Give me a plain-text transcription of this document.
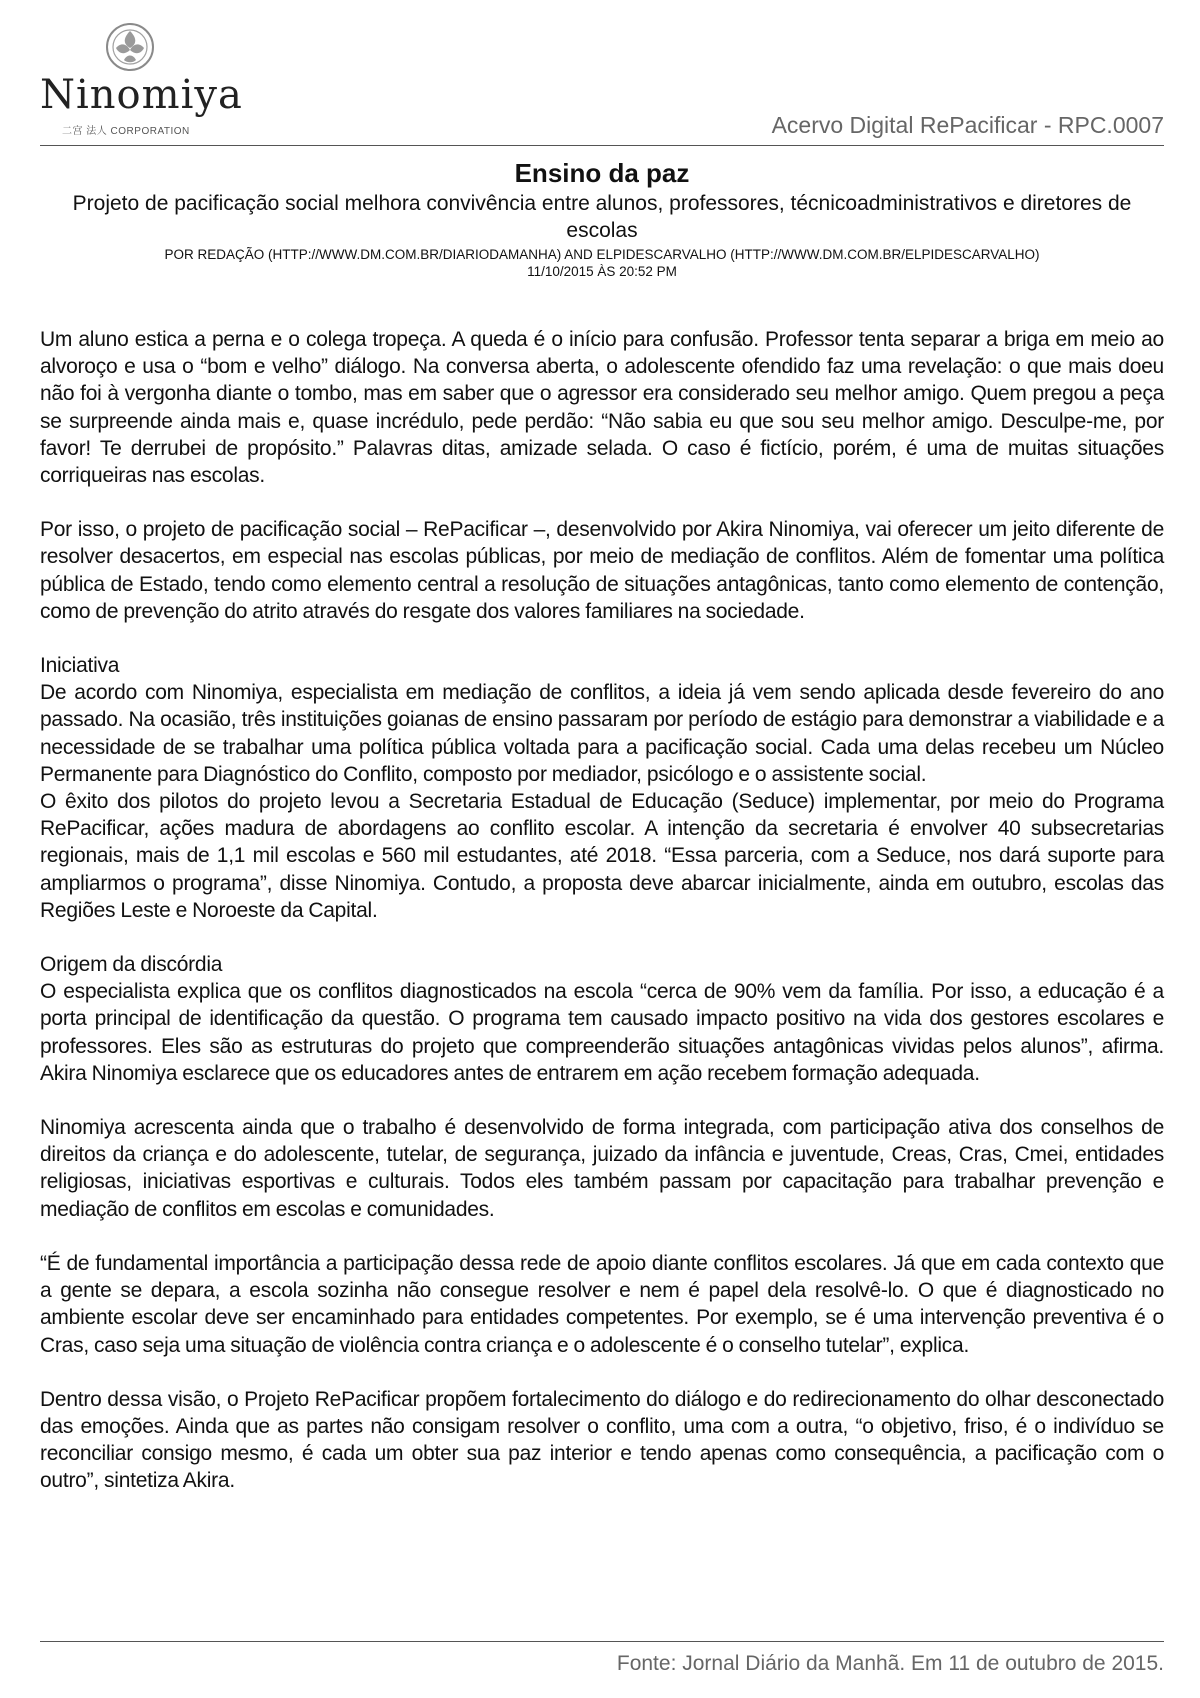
Ninomiya
二宫 法人 CORPORATION	Acervo Digital RePacificar - RPC.0007
Ensino da paz

Projeto de pacificação social melhora convivência entre alunos, professores, técnicoadministrativos e diretores de escolas

POR REDAÇÃO (HTTP://WWW.DM.COM.BR/DIARIODAMANHA) AND ELPIDESCARVALHO (HTTP://WWW.DM.COM.BR/ELPIDESCARVALHO)

11/10/2015 ÀS 20:52 PM

Um aluno estica a perna e o colega tropeça. A queda é o início para confusão. Professor tenta separar a briga em meio ao alvoroço e usa o “bom e velho” diálogo. Na conversa aberta, o adolescente ofendido faz uma revelação: o que mais doeu não foi à vergonha diante o tombo, mas em saber que o agressor era considerado seu melhor amigo. Quem pregou a peça se surpreende ainda mais e, quase incrédulo, pede perdão: “Não sabia eu que sou seu melhor amigo. Desculpe-me, por favor! Te derrubei de propósito.” Palavras ditas, amizade selada. O caso é fictício, porém, é uma de muitas situações corriqueiras nas escolas.

Por isso, o projeto de pacificação social – RePacificar –, desenvolvido por Akira Ninomiya, vai oferecer um jeito diferente de resolver desacertos, em especial nas escolas públicas, por meio de mediação de conflitos. Além de fomentar uma política pública de Estado, tendo como elemento central a resolução de situações antagônicas, tanto como elemento de contenção, como de prevenção do atrito através do resgate dos valores familiares na sociedade.

Iniciativa

De acordo com Ninomiya, especialista em mediação de conflitos, a ideia já vem sendo aplicada desde fevereiro do ano passado. Na ocasião, três instituições goianas de ensino passaram por período de estágio para demonstrar a viabilidade e a necessidade de se trabalhar uma política pública voltada para a pacificação social. Cada uma delas recebeu um Núcleo Permanente para Diagnóstico do Conflito, composto por mediador, psicólogo e o assistente social.

O êxito dos pilotos do projeto levou a Secretaria Estadual de Educação (Seduce) implementar, por meio do Programa RePacificar, ações madura de abordagens ao conflito escolar. A intenção da secretaria é envolver 40 subsecretarias regionais, mais de 1,1 mil escolas e 560 mil estudantes, até 2018. “Essa parceria, com a Seduce, nos dará suporte para ampliarmos o programa”, disse Ninomiya. Contudo, a proposta deve abarcar inicialmente, ainda em outubro, escolas das Regiões Leste e Noroeste da Capital.

Origem da discórdia

O especialista explica que os conflitos diagnosticados na escola “cerca de 90% vem da família. Por isso, a educação é a porta principal de identificação da questão. O programa tem causado impacto positivo na vida dos gestores escolares e professores. Eles são as estruturas do projeto que compreenderão situações antagônicas vividas pelos alunos”, afirma. Akira Ninomiya esclarece que os educadores antes de entrarem em ação recebem formação adequada.

Ninomiya acrescenta ainda que o trabalho é desenvolvido de forma integrada, com participação ativa dos conselhos de direitos da criança e do adolescente, tutelar, de segurança, juizado da infância e juventude, Creas, Cras, Cmei, entidades religiosas, iniciativas esportivas e culturais. Todos eles também passam por capacitação para trabalhar prevenção e mediação de conflitos em escolas e comunidades.

“É de fundamental importância a participação dessa rede de apoio diante conflitos escolares. Já que em cada contexto que a gente se depara, a escola sozinha não consegue resolver e nem é papel dela resolvê-lo. O que é diagnosticado no ambiente escolar deve ser encaminhado para entidades competentes. Por exemplo, se é uma intervenção preventiva é o Cras, caso seja uma situação de violência contra criança e o adolescente é o conselho tutelar”, explica.

Dentro dessa visão, o Projeto RePacificar propõem fortalecimento do diálogo e do redirecionamento do olhar desconectado das emoções. Ainda que as partes não consigam resolver o conflito, uma com a outra, “o objetivo, friso, é o indivíduo se reconciliar consigo mesmo, é cada um obter sua paz interior e tendo apenas como consequência, a pacificação com o outro”, sintetiza Akira.

Fonte: Jornal Diário da Manhã. Em 11 de outubro de 2015.
